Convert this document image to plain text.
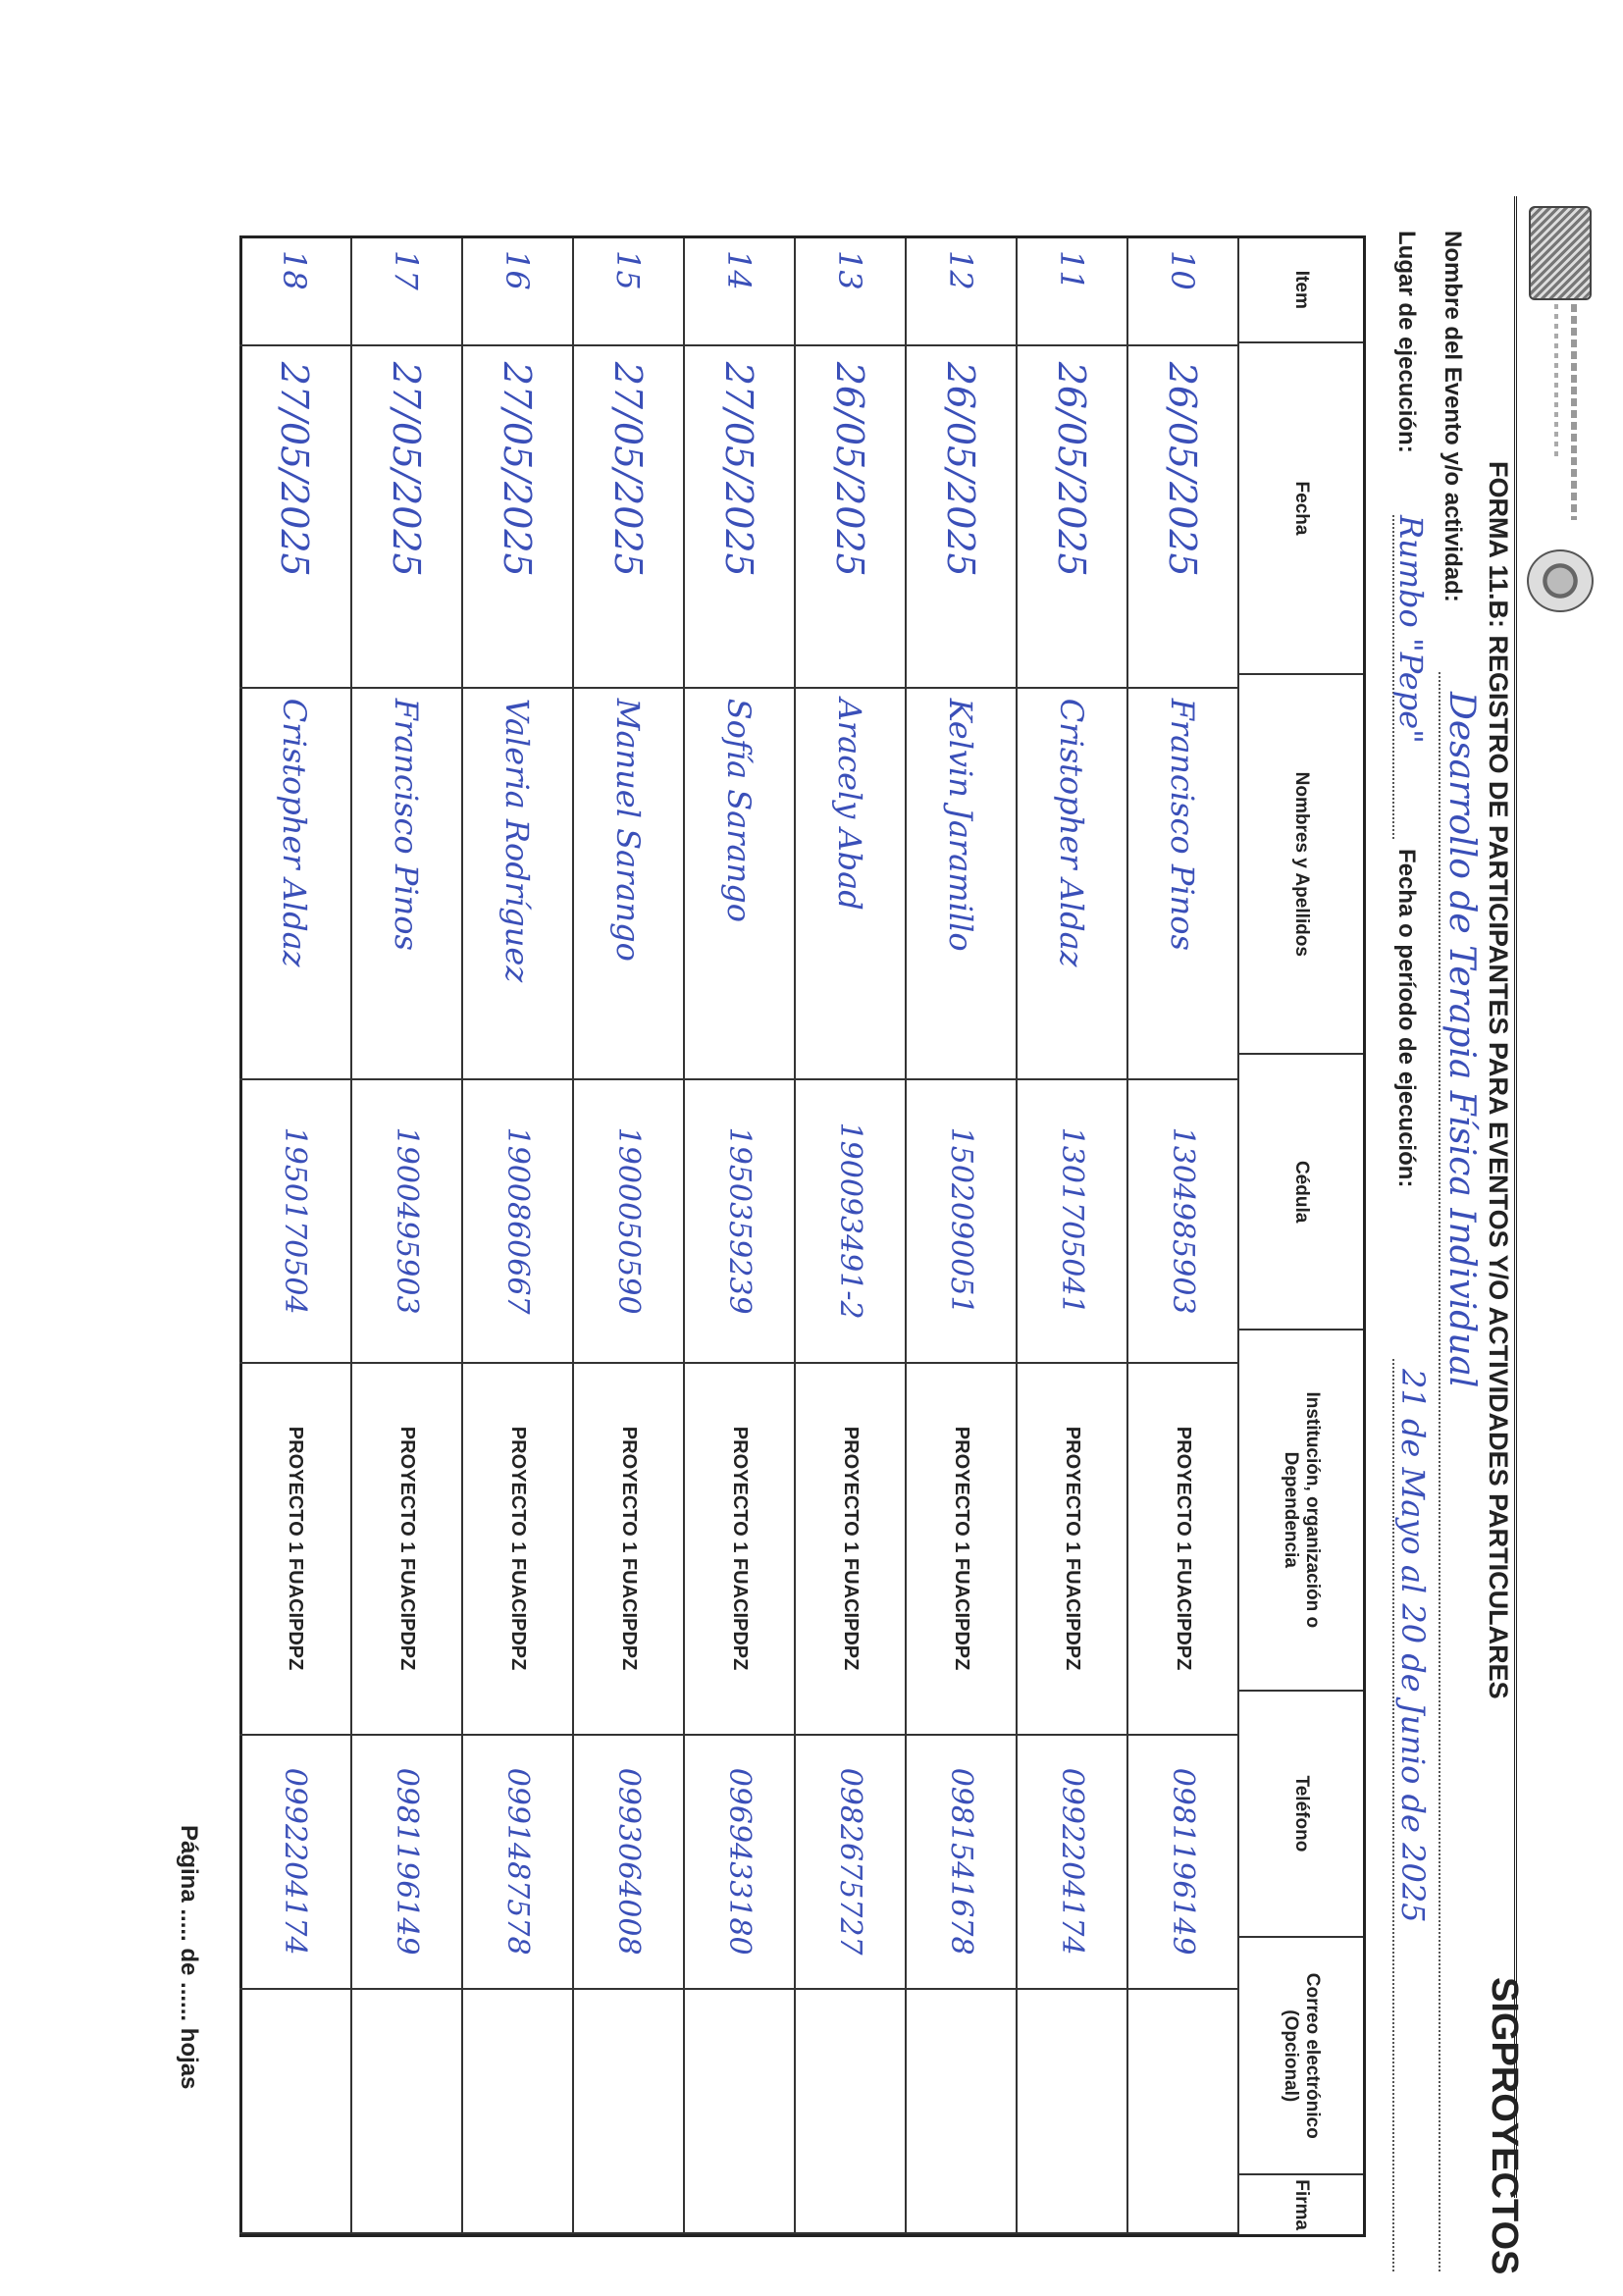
SIGPROYECTOS
FORMA 11.B: REGISTRO DE PARTICIPANTES PARA EVENTOS Y/O ACTIVIDADES PARTICULARES
Nombre del Evento y/o actividad:
Desarrollo de Terapia Física Individual
Lugar de ejecución:
Rumbo "Pepe"
Fecha o período de ejecución:
21 de Mayo al 20 de Junio de 2025
Item
Fecha
Nombres y Apellidos
Cédula
Institución, organización o Dependencia
Teléfono
Correo electrónico (Opcional)
Firma
10
26/05/2025
Francisco Pinos
1304985903
PROYECTO 1 FUACIPDPZ
0981196149
11
26/05/2025
Cristopher Aldaz
1301705041
PROYECTO 1 FUACIPDPZ
0992204174
12
26/05/2025
Kelvin Jaramillo
1502090051
PROYECTO 1 FUACIPDPZ
0981541678
13
26/05/2025
Aracely Abad
190093491-2
PROYECTO 1 FUACIPDPZ
0982675727
14
27/05/2025
Sofía Sarango
1950359239
PROYECTO 1 FUACIPDPZ
0969433180
15
27/05/2025
Manuel Sarango
1900050590
PROYECTO 1 FUACIPDPZ
0993064008
16
27/05/2025
Valeria Rodríguez
1900860667
PROYECTO 1 FUACIPDPZ
0991487578
17
27/05/2025
Francisco Pinos
1900495903
PROYECTO 1 FUACIPDPZ
0981196149
18
27/05/2025
Cristopher Aldaz
1950170504
PROYECTO 1 FUACIPDPZ
0992204174
Página ..... de ...... hojas
